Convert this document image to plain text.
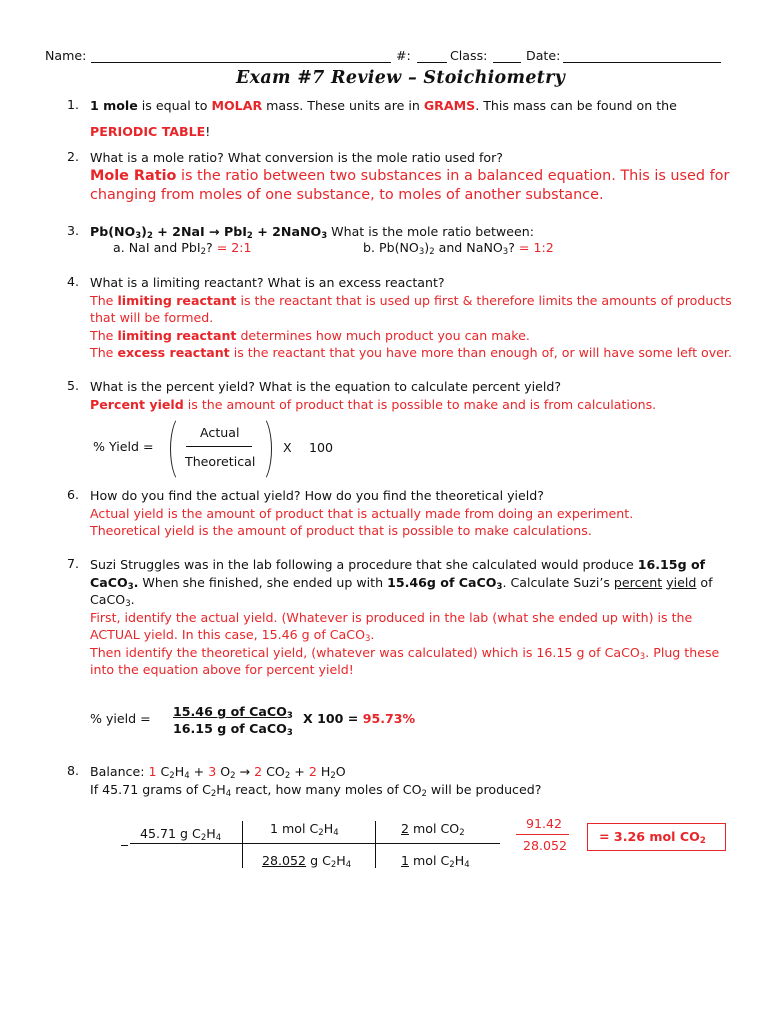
Name:	#:	Class:	Date:
Exam #7 Review – Stoichiometry
1. 1 mole is equal to MOLAR mass. These units are in GRAMS. This mass can be found on the
PERIODIC TABLE!
2. What is a mole ratio? What conversion is the mole ratio used for?
Mole Ratio is the ratio between two substances in a balanced equation. This is used for
changing from moles of one substance, to moles of another substance.
3. $Pb(NO_3)_2 + 2NaI \to PbI_2$ + 2NaNO$_3$ What is the mole ratio between:
a. NaI and PbI$_2$? = 2:1	b. $Pb(NO_3)_2$ and NaNO$_3$? = 1:2
4. What is a limiting reactant? What is an excess reactant?
The limiting reactant is the reactant that is used up first & therefore limits the amounts of products
that will be formed.
The limiting reactant determines how much product you can make.
The excess reactant is the reactant that you have more than enough of, or will have some left over.
5. What is the percent yield? What is the equation to calculate percent yield?
Percent yield is the amount of product that is possible to make and is from calculations.
% Yield =
Actual
Theoretical
X 100
6. How do you find the actual yield? How do you find the theoretical yield?
Actual yield is the amount of product that is actually made from doing an experiment.
Theoretical yield is the amount of product that is possible to make calculations.
7. Suzi Struggles was in the lab following a procedure that she calculated would produce 16.15g of
CaCO$_3$. When she finished, she ended up with 15.46g of CaCO$_3$. Calculate Suzi’s percent yield of
CaCO$_3$.
First, identify the actual yield. (Whatever is produced in the lab (what she ended up with) is the
ACTUAL yield. In this case, 15.46 g of CaCO$_3$.
Then identify the theoretical yield, (whatever was calculated) which is 16.15 g of CaCO$_3$. Plug these
into the equation above for percent yield!
% yield = 15.46 g of CaCO$_3$
16.15 g of CaCO$_3$
X 100 = 95.73%
8. Balance: 1 $C_2H_4 + 3$ $O_2 \to 2$ $CO_2 + 2$ $H_2O$
If 45.71 grams of $C_2H_4$ react, how many moles of $CO_2$ will be produced?
45.71 g $C_2H_4$
1 mol $C_2H_4$
28.052 g $C_2H_4$
2 mol $CO_2$
1 mol $C_2H_4$
91.42
28.052
= 3.26 mol $CO_2$
